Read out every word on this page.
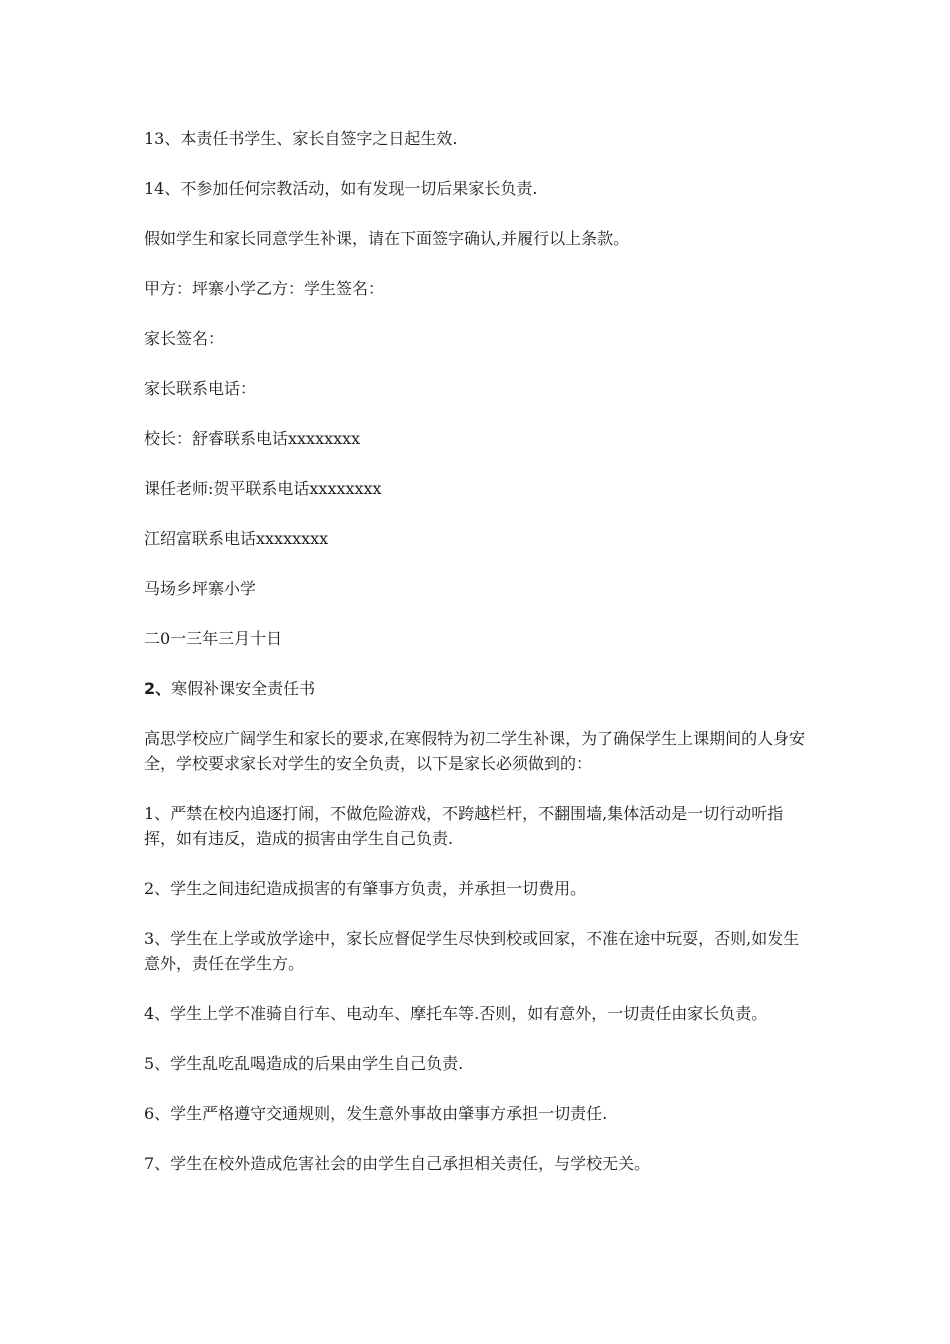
13、本责任书学生、家长自签字之日起生效.

14、不参加任何宗教活动，如有发现一切后果家长负责.

假如学生和家长同意学生补课，请在下面签字确认,并履行以上条款。

甲方：坪寨小学乙方：学生签名：

家长签名：

家长联系电话：

校长：舒睿联系电话xxxxxxxx

课任老师:贺平联系电话xxxxxxxx

江绍富联系电话xxxxxxxx

马场乡坪寨小学

二0一三年三月十日

2、寒假补课安全责任书

高思学校应广阔学生和家长的要求,在寒假特为初二学生补课，为了确保学生上课期间的人身安全，学校要求家长对学生的安全负责，以下是家长必须做到的：

1、严禁在校内追逐打闹，不做危险游戏，不跨越栏杆，不翻围墙,集体活动是一切行动听指挥，如有违反，造成的损害由学生自己负责.

2、学生之间违纪造成损害的有肇事方负责，并承担一切费用。

3、学生在上学或放学途中，家长应督促学生尽快到校或回家，不准在途中玩耍，否则,如发生意外，责任在学生方。

4、学生上学不准骑自行车、电动车、摩托车等.否则，如有意外，一切责任由家长负责。

5、学生乱吃乱喝造成的后果由学生自己负责.

6、学生严格遵守交通规则，发生意外事故由肇事方承担一切责任.

7、学生在校外造成危害社会的由学生自己承担相关责任，与学校无关。
